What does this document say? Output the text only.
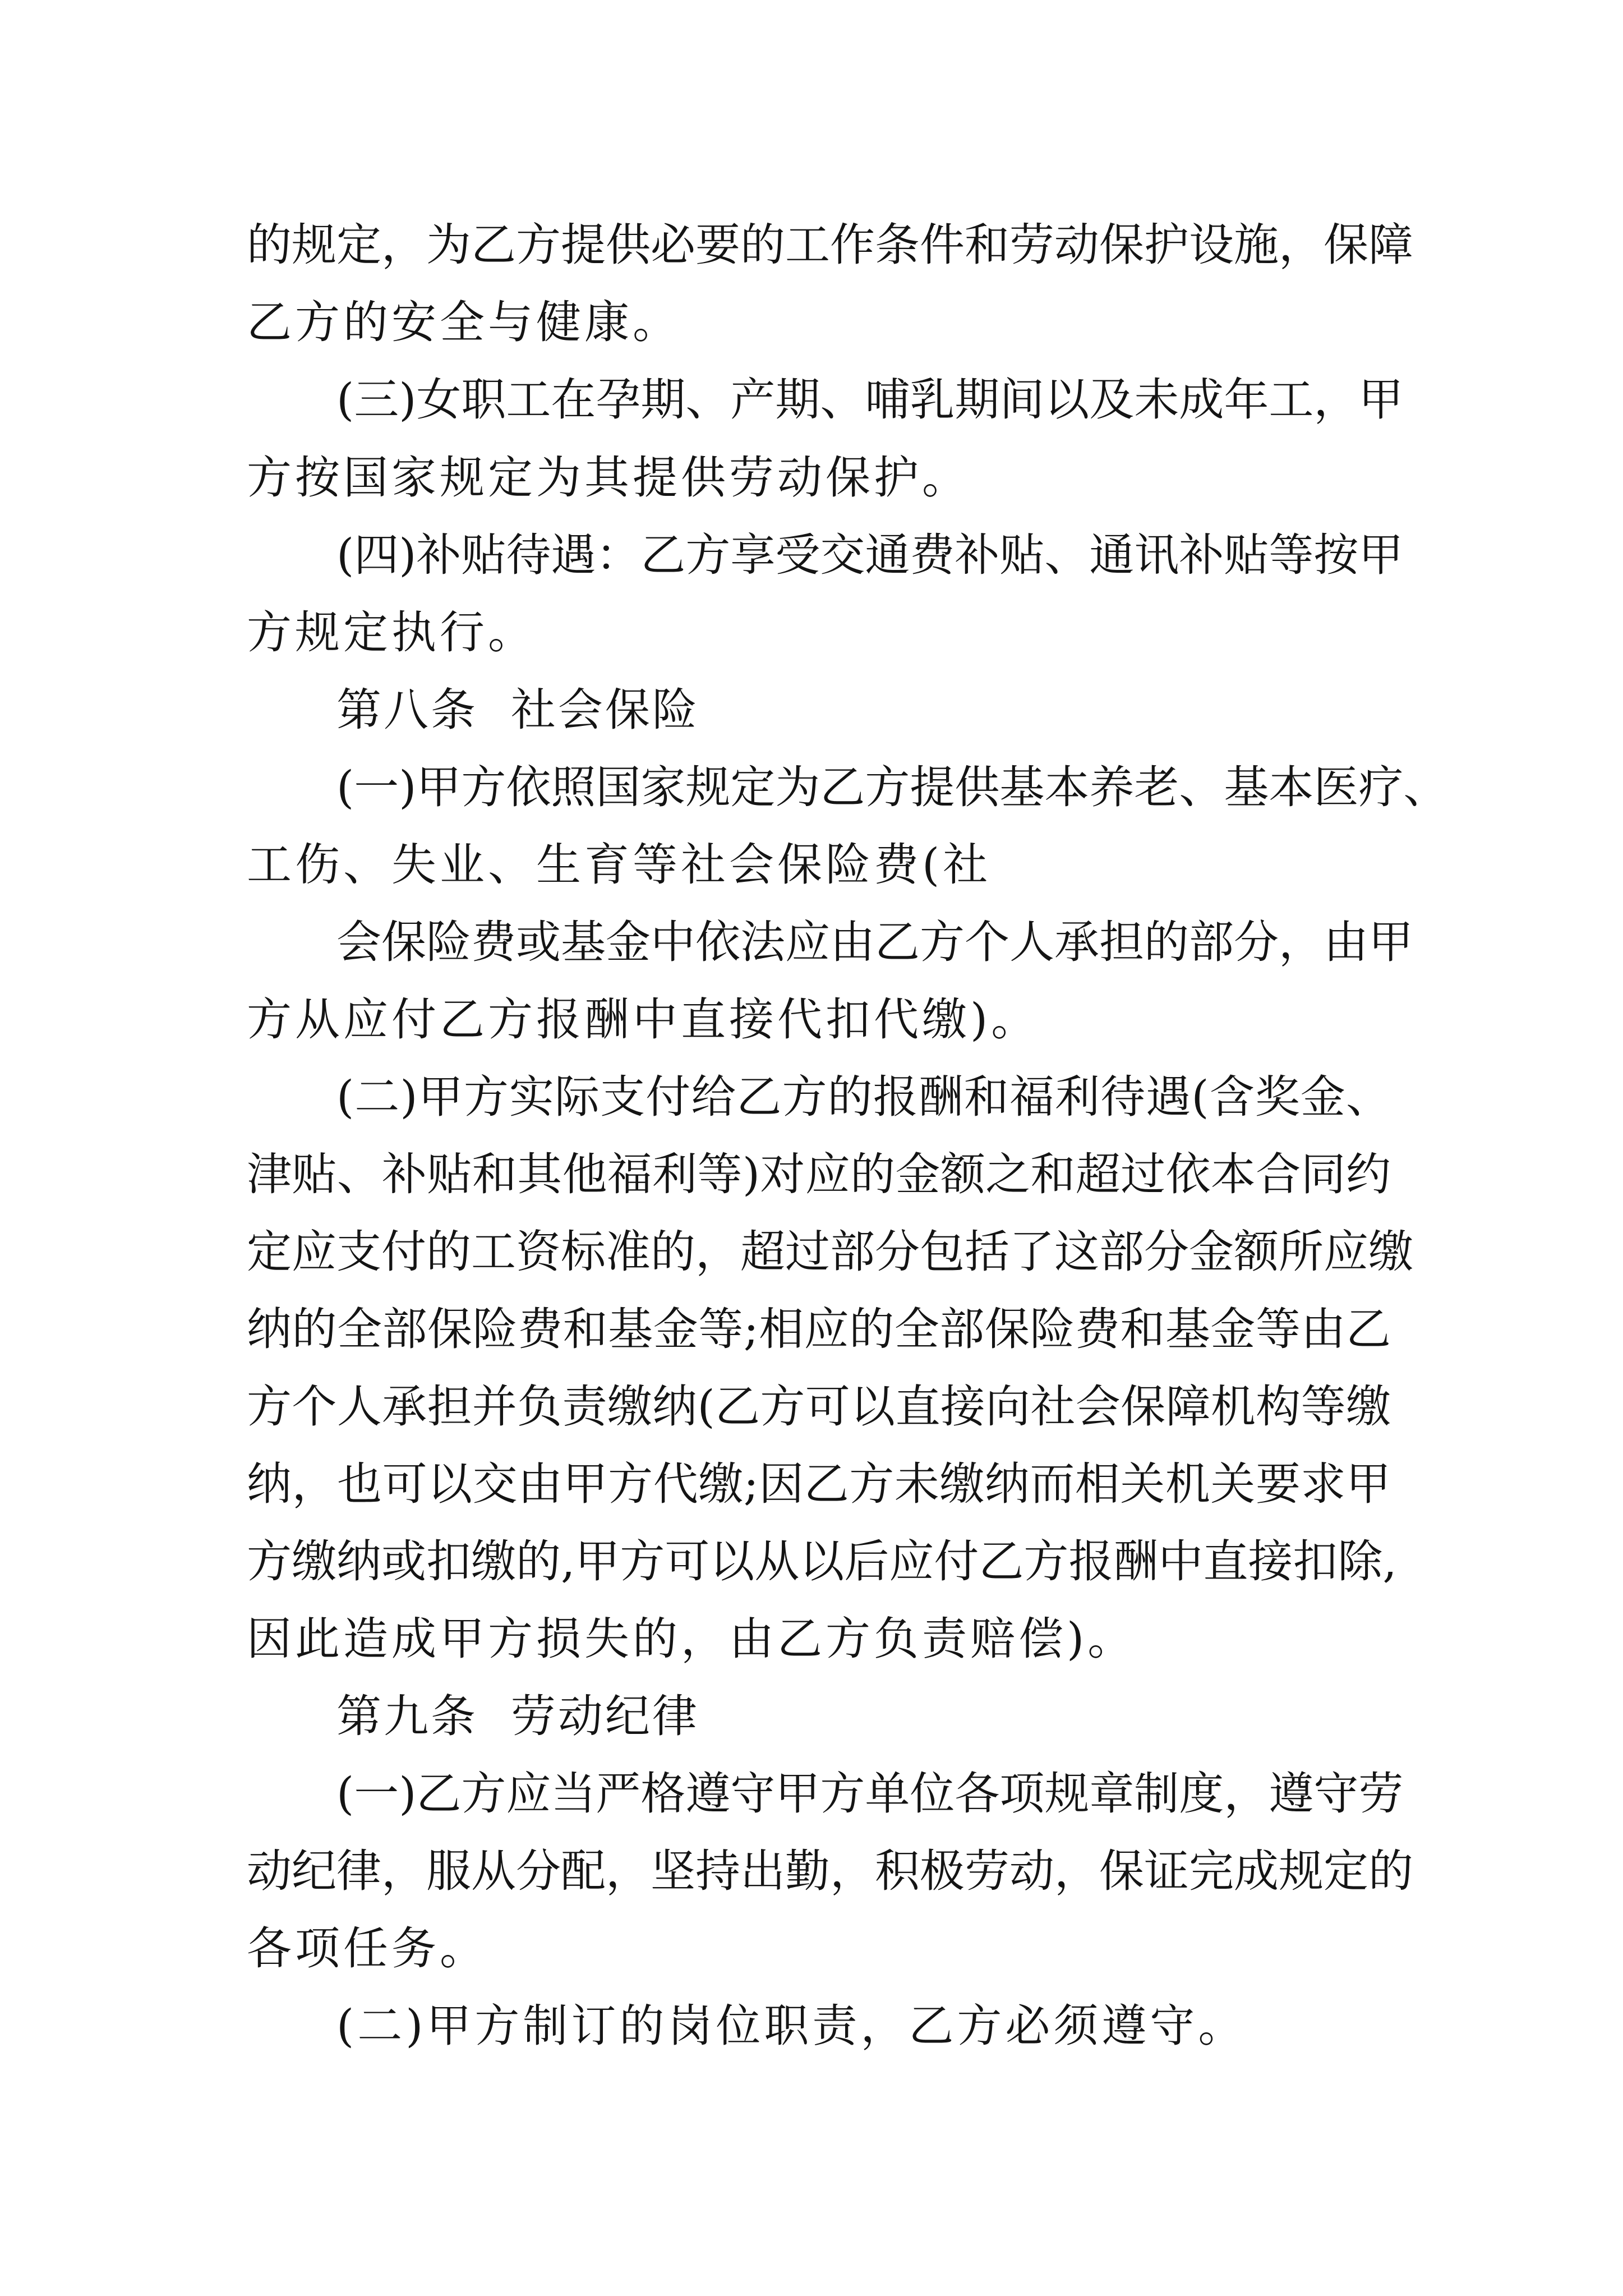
的规定，为乙方提供必要的工作条件和劳动保护设施，保障
乙方的安全与健康。
(三)女职工在孕期、产期、哺乳期间以及未成年工，甲
方按国家规定为其提供劳动保护。
(四)补贴待遇：乙方享受交通费补贴、通讯补贴等按甲
方规定执行。
第八条  社会保险
(一)甲方依照国家规定为乙方提供基本养老、基本医疗、
工伤、失业、生育等社会保险费(社
会保险费或基金中依法应由乙方个人承担的部分，由甲
方从应付乙方报酬中直接代扣代缴)。
(二)甲方实际支付给乙方的报酬和福利待遇(含奖金、
津贴、补贴和其他福利等)对应的金额之和超过依本合同约
定应支付的工资标准的，超过部分包括了这部分金额所应缴
纳的全部保险费和基金等;相应的全部保险费和基金等由乙
方个人承担并负责缴纳(乙方可以直接向社会保障机构等缴
纳，也可以交由甲方代缴;因乙方未缴纳而相关机关要求甲
方缴纳或扣缴的,甲方可以从以后应付乙方报酬中直接扣除,
因此造成甲方损失的，由乙方负责赔偿)。
第九条  劳动纪律
(一)乙方应当严格遵守甲方单位各项规章制度，遵守劳
动纪律，服从分配，坚持出勤，积极劳动，保证完成规定的
各项任务。
(二)甲方制订的岗位职责，乙方必须遵守。
